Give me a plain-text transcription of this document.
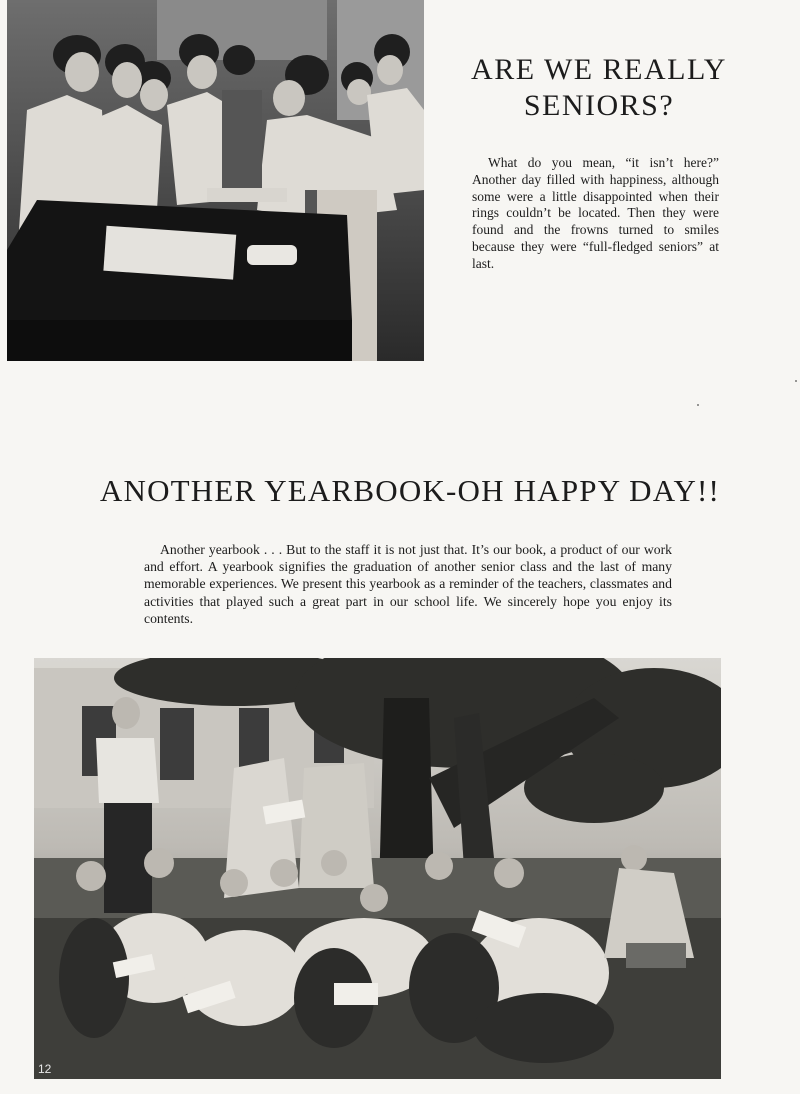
ARE WE REALLY
SENIORS?

What do you mean, “it isn’t here?” Another day filled with happiness, although some were a little disappointed when their rings couldn’t be located. Then they were found and the frowns turned to smiles because they were “full-fledged seniors” at last.

ANOTHER YEARBOOK-OH HAPPY DAY!!

Another yearbook . . . But to the staff it is not just that. It’s our book, a product of our work and effort. A yearbook signifies the graduation of another senior class and the last of many memorable experiences. We present this yearbook as a reminder of the teachers, classmates and activities that played such a great part in our school life. We sincerely hope you enjoy its contents.

12
